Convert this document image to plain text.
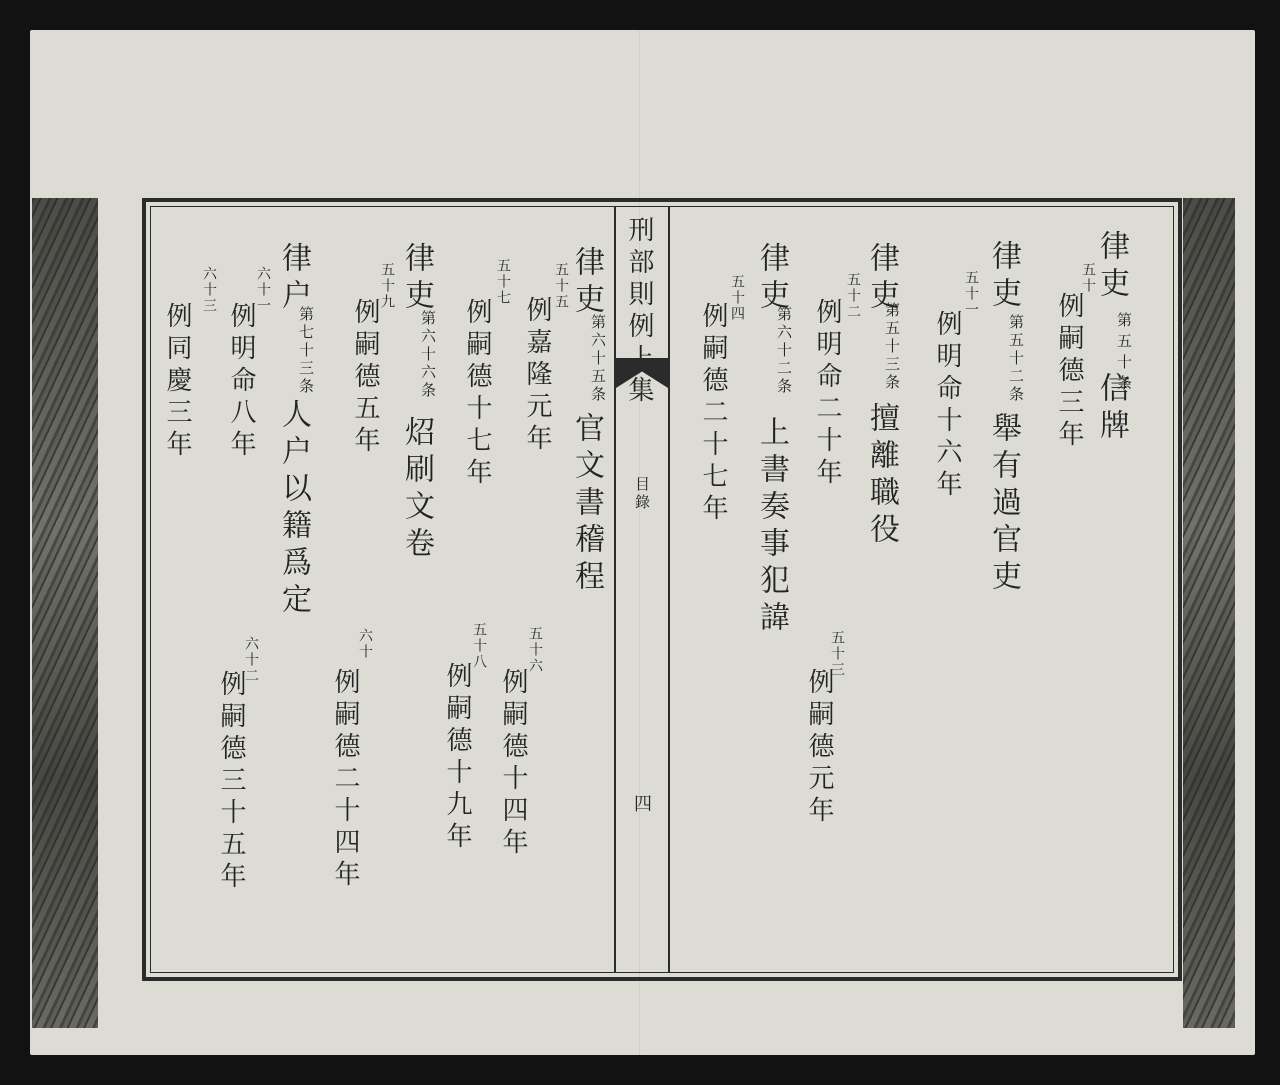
刑部則例上集
目錄
四
律吏
第五十条
信牌
五十
例嗣德三年
律吏
第五十二条
舉有過官吏
五十一
例明命十六年
律吏
第五十三条
擅離職役
五十二
例明命二十年
律吏
第六十二条
上書奏事犯諱
五十四
例嗣德二十七年
五十三
例嗣德元年
律吏
第六十五条
官文書稽程
五十五
例嘉隆元年
五十六
例嗣德十四年
律吏
第六十六条
炤刷文卷
五十七
例嗣德十七年
五十八
例嗣德十九年
五十九
例嗣德五年
六十
例嗣德二十四年
律户
第七十三条
人户以籍爲定
六十一
例明命八年
六十二
例嗣德三十五年
六十三
例同慶三年
